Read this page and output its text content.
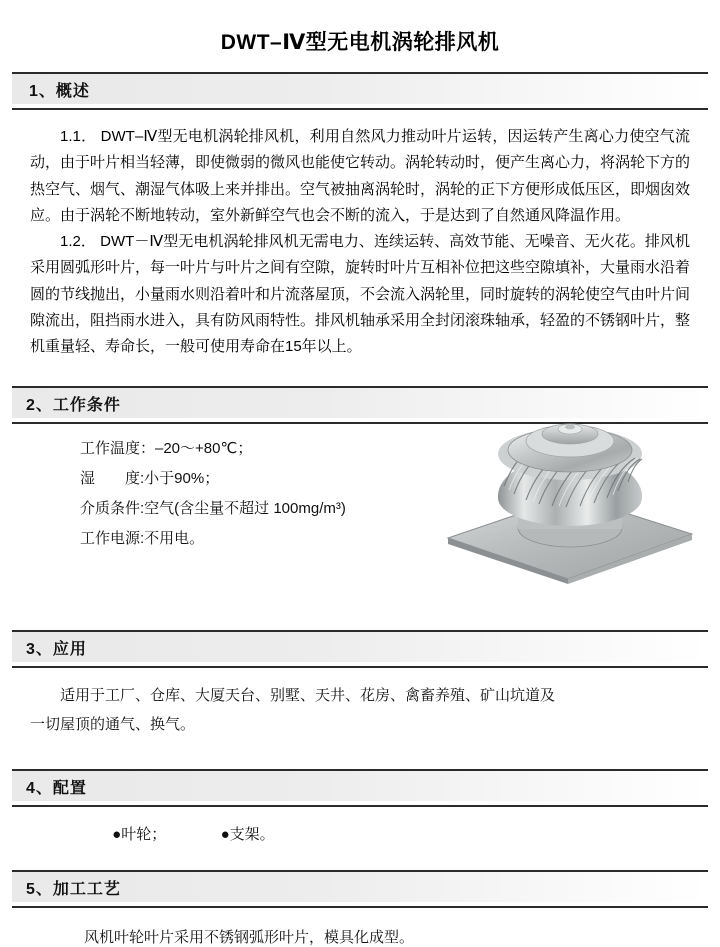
DWT–Ⅳ型无电机涡轮排风机
1、概述

1.1． DWT–Ⅳ型无电机涡轮排风机，利用自然风力推动叶片运转，因运转产生离心力使空气流动，由于叶片相当轻薄，即使微弱的微风也能使它转动。涡轮转动时，便产生离心力，将涡轮下方的热空气、烟气、潮湿气体吸上来并排出。空气被抽离涡轮时，涡轮的正下方便形成低压区，即烟囱效应。由于涡轮不断地转动，室外新鲜空气也会不断的流入，于是达到了自然通风降温作用。

1.2． DWT－Ⅳ型无电机涡轮排风机无需电力、连续运转、高效节能、无噪音、无火花。排风机采用圆弧形叶片，每一叶片与叶片之间有空隙，旋转时叶片互相补位把这些空隙填补，大量雨水沿着圆的节线抛出，小量雨水则沿着叶和片流落屋顶，不会流入涡轮里，同时旋转的涡轮使空气由叶片间隙流出，阻挡雨水进入，具有防风雨特性。排风机轴承采用全封闭滚珠轴承，轻盈的不锈钢叶片，整机重量轻、寿命长，一般可使用寿命在15年以上。

2、工作条件
工作温度：–20～+80℃；
湿　　度:小于90%；
介质条件:空气(含尘量不超过 100mg/m³)
工作电源:不用电。
3、应用

适用于工厂、仓库、大厦天台、别墅、天井、花房、禽畜养殖、矿山坑道及

一切屋顶的通气、换气。

4、配置
●叶轮；	●支架。
5、加工工艺
风机叶轮叶片采用不锈钢弧形叶片，模具化成型。
